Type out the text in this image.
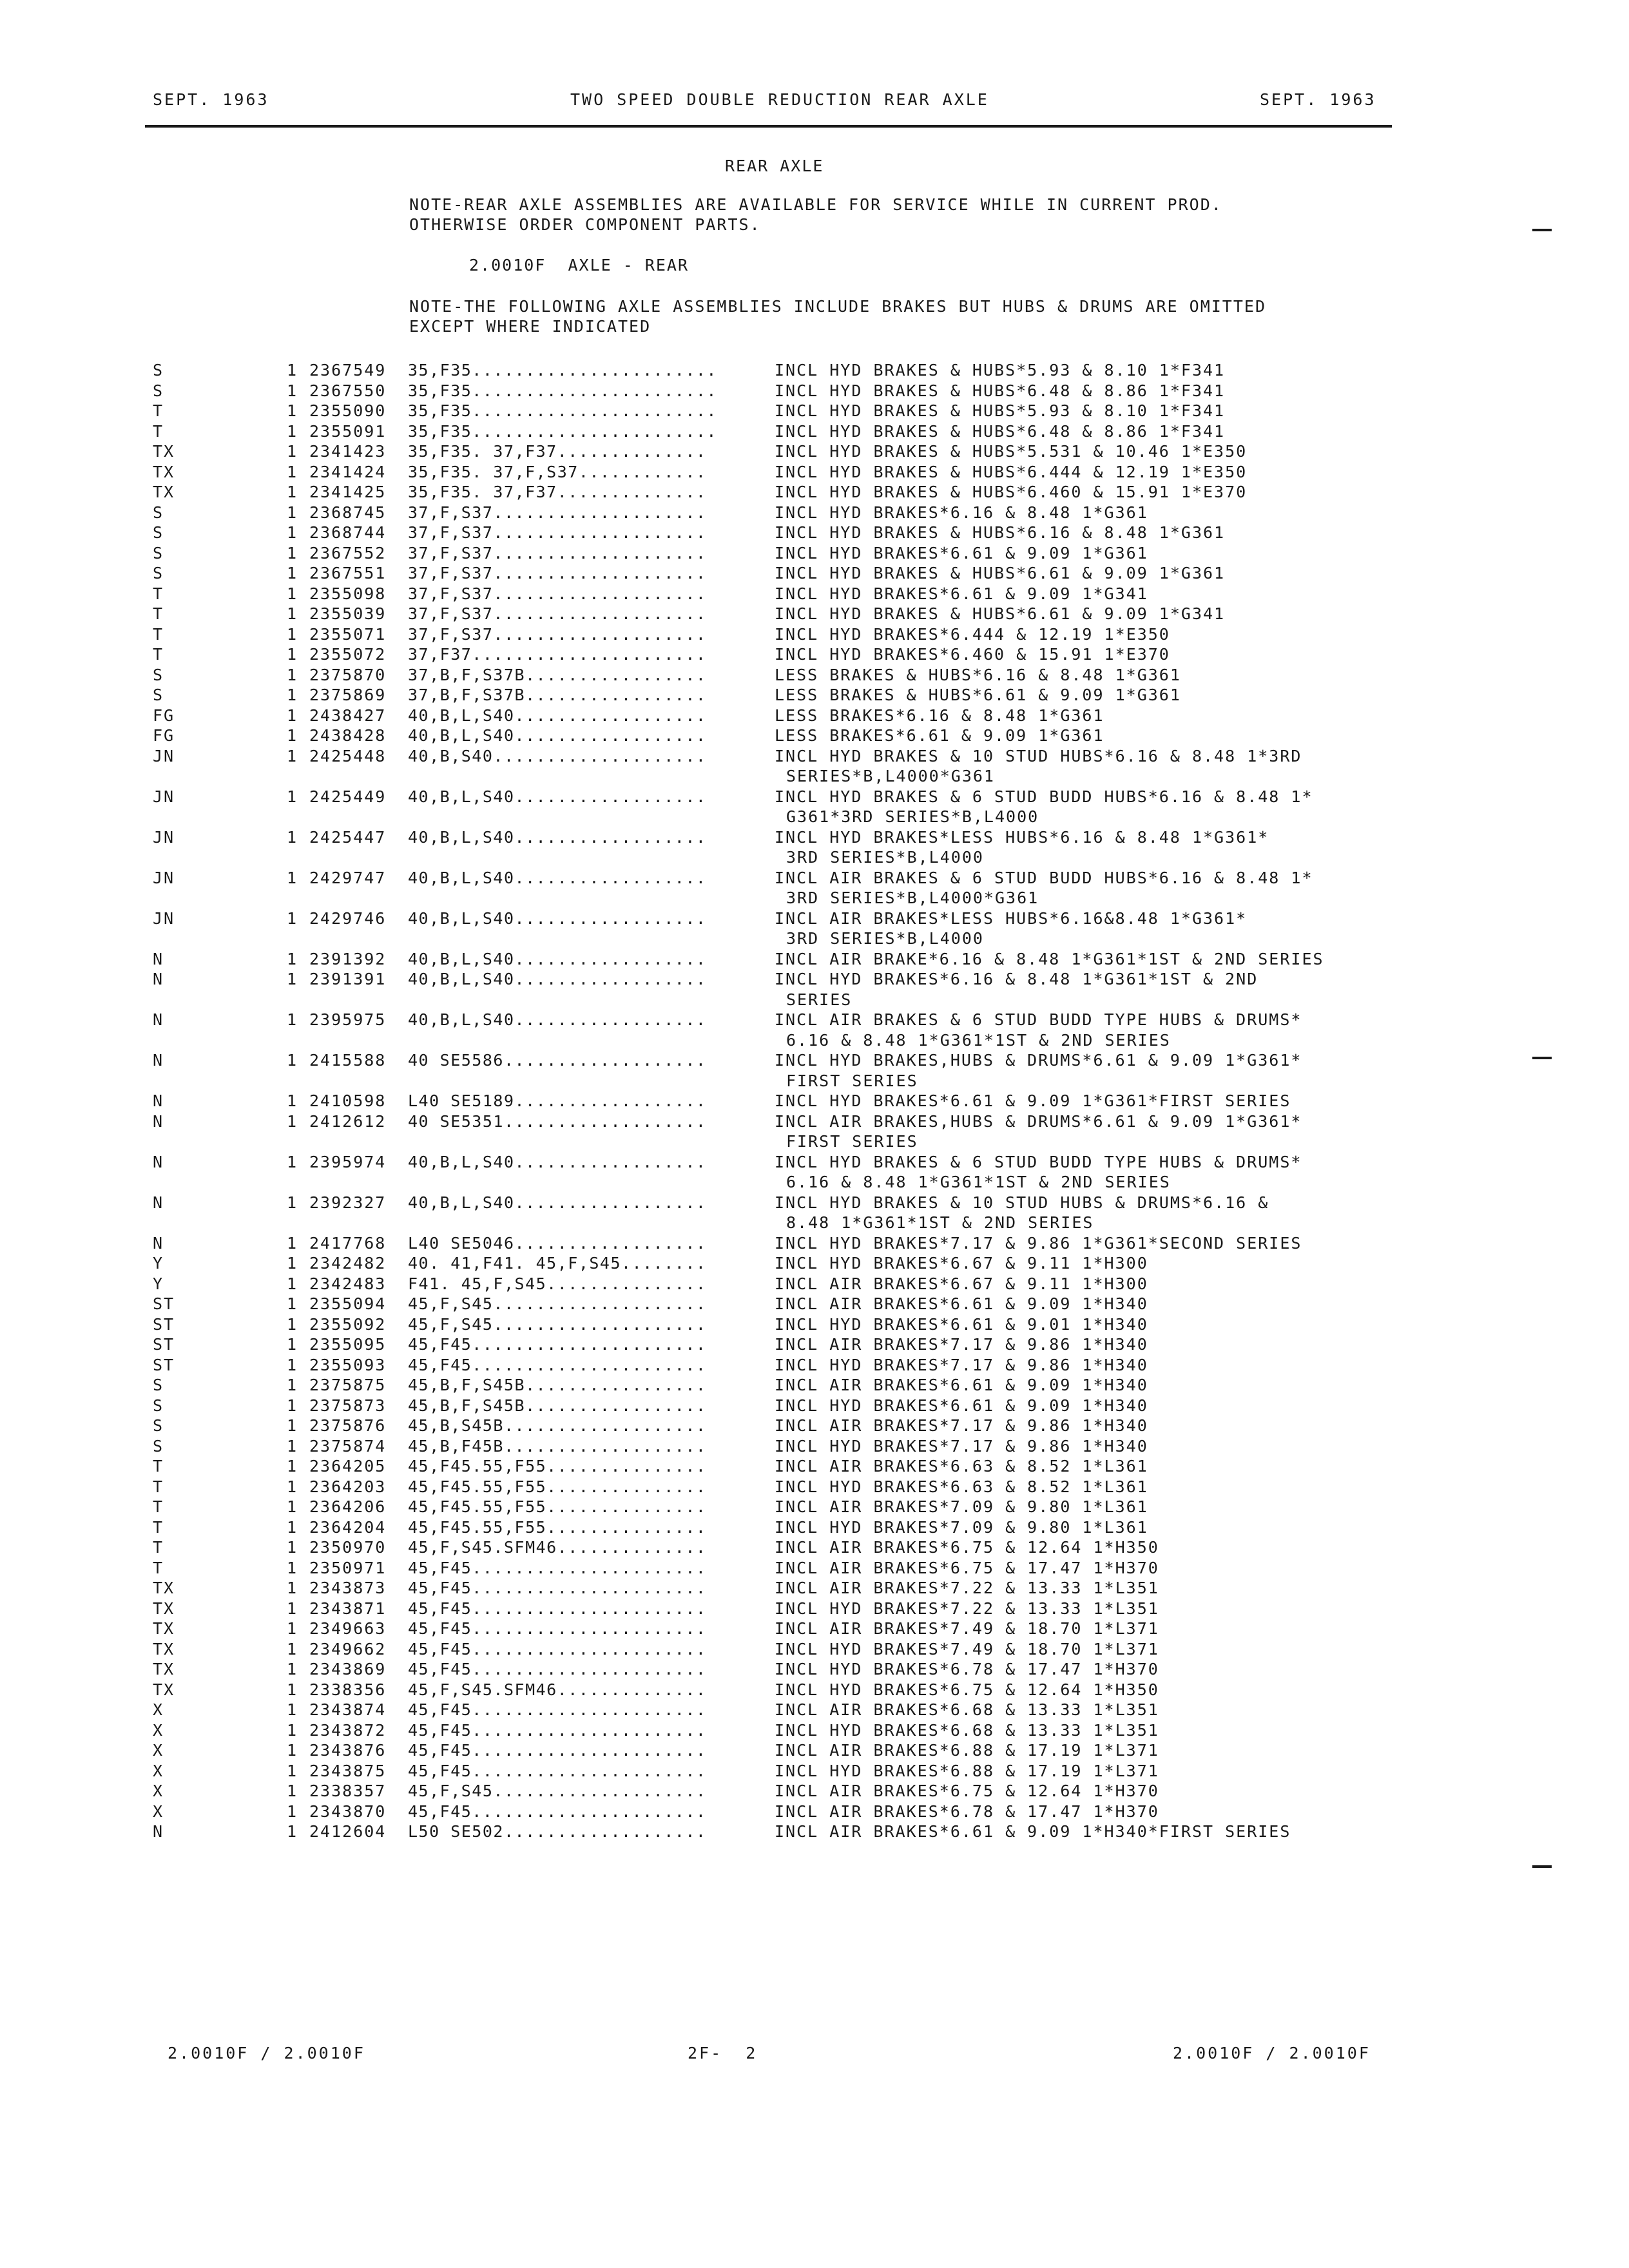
SEPT. 1963	TWO SPEED DOUBLE REDUCTION REAR AXLE	SEPT. 1963
REAR AXLE
NOTE-REAR AXLE ASSEMBLIES ARE AVAILABLE FOR SERVICE WHILE IN CURRENT PROD.
OTHERWISE ORDER COMPONENT PARTS.
2.0010F  AXLE - REAR
NOTE-THE FOLLOWING AXLE ASSEMBLIES INCLUDE BRAKES BUT HUBS & DRUMS ARE OMITTED
EXCEPT WHERE INDICATED
S	1 2367549 35,F35.......................	INCL HYD BRAKES & HUBS*5.93 & 8.10 1*F341
S	1 2367550 35,F35.......................	INCL HYD BRAKES & HUBS*6.48 & 8.86 1*F341
T	1 2355090 35,F35.......................	INCL HYD BRAKES & HUBS*5.93 & 8.10 1*F341
T	1 2355091 35,F35.......................	INCL HYD BRAKES & HUBS*6.48 & 8.86 1*F341
TX	1 2341423 35,F35. 37,F37..............	INCL HYD BRAKES & HUBS*5.531 & 10.46 1*E350
TX	1 2341424 35,F35. 37,F,S37............	INCL HYD BRAKES & HUBS*6.444 & 12.19 1*E350
TX	1 2341425 35,F35. 37,F37..............	INCL HYD BRAKES & HUBS*6.460 & 15.91 1*E370
S	1 2368745 37,F,S37....................	INCL HYD BRAKES*6.16 & 8.48 1*G361
S	1 2368744 37,F,S37....................	INCL HYD BRAKES & HUBS*6.16 & 8.48 1*G361
S	1 2367552 37,F,S37....................	INCL HYD BRAKES*6.61 & 9.09 1*G361
S	1 2367551 37,F,S37....................	INCL HYD BRAKES & HUBS*6.61 & 9.09 1*G361
T	1 2355098 37,F,S37....................	INCL HYD BRAKES*6.61 & 9.09 1*G341
T	1 2355039 37,F,S37....................	INCL HYD BRAKES & HUBS*6.61 & 9.09 1*G341
T	1 2355071 37,F,S37....................	INCL HYD BRAKES*6.444 & 12.19 1*E350
T	1 2355072 37,F37......................	INCL HYD BRAKES*6.460 & 15.91 1*E370
S	1 2375870 37,B,F,S37B.................	LESS BRAKES & HUBS*6.16 & 8.48 1*G361
S	1 2375869 37,B,F,S37B.................	LESS BRAKES & HUBS*6.61 & 9.09 1*G361
FG	1 2438427 40,B,L,S40..................	LESS BRAKES*6.16 & 8.48 1*G361
FG	1 2438428 40,B,L,S40..................	LESS BRAKES*6.61 & 9.09 1*G361
JN	1 2425448 40,B,S40....................	INCL HYD BRAKES & 10 STUD HUBS*6.16 & 8.48 1*3RD
SERIES*B,L4000*G361
JN	1 2425449 40,B,L,S40..................	INCL HYD BRAKES & 6 STUD BUDD HUBS*6.16 & 8.48 1*
G361*3RD SERIES*B,L4000
JN	1 2425447 40,B,L,S40..................	INCL HYD BRAKES*LESS HUBS*6.16 & 8.48 1*G361*
3RD SERIES*B,L4000
JN	1 2429747 40,B,L,S40..................	INCL AIR BRAKES & 6 STUD BUDD HUBS*6.16 & 8.48 1*
3RD SERIES*B,L4000*G361
JN	1 2429746 40,B,L,S40..................	INCL AIR BRAKES*LESS HUBS*6.16&8.48 1*G361*
3RD SERIES*B,L4000
N	1 2391392 40,B,L,S40..................	INCL AIR BRAKE*6.16 & 8.48 1*G361*1ST & 2ND SERIES
N	1 2391391 40,B,L,S40..................	INCL HYD BRAKES*6.16 & 8.48 1*G361*1ST & 2ND
SERIES
N	1 2395975 40,B,L,S40..................	INCL AIR BRAKES & 6 STUD BUDD TYPE HUBS & DRUMS*
6.16 & 8.48 1*G361*1ST & 2ND SERIES
N	1 2415588 40 SE5586...................	INCL HYD BRAKES,HUBS & DRUMS*6.61 & 9.09 1*G361*
FIRST SERIES
N	1 2410598 L40 SE5189..................	INCL HYD BRAKES*6.61 & 9.09 1*G361*FIRST SERIES
N	1 2412612 40 SE5351...................	INCL AIR BRAKES,HUBS & DRUMS*6.61 & 9.09 1*G361*
FIRST SERIES
N	1 2395974 40,B,L,S40..................	INCL HYD BRAKES & 6 STUD BUDD TYPE HUBS & DRUMS*
6.16 & 8.48 1*G361*1ST & 2ND SERIES
N	1 2392327 40,B,L,S40..................	INCL HYD BRAKES & 10 STUD HUBS & DRUMS*6.16 &
8.48 1*G361*1ST & 2ND SERIES
N	1 2417768 L40 SE5046..................	INCL HYD BRAKES*7.17 & 9.86 1*G361*SECOND SERIES
Y	1 2342482 40. 41,F41. 45,F,S45........	INCL HYD BRAKES*6.67 & 9.11 1*H300
Y	1 2342483 F41. 45,F,S45...............	INCL AIR BRAKES*6.67 & 9.11 1*H300
ST	1 2355094 45,F,S45....................	INCL AIR BRAKES*6.61 & 9.09 1*H340
ST	1 2355092 45,F,S45....................	INCL HYD BRAKES*6.61 & 9.01 1*H340
ST	1 2355095 45,F45......................	INCL AIR BRAKES*7.17 & 9.86 1*H340
ST	1 2355093 45,F45......................	INCL HYD BRAKES*7.17 & 9.86 1*H340
S	1 2375875 45,B,F,S45B.................	INCL AIR BRAKES*6.61 & 9.09 1*H340
S	1 2375873 45,B,F,S45B.................	INCL HYD BRAKES*6.61 & 9.09 1*H340
S	1 2375876 45,B,S45B...................	INCL AIR BRAKES*7.17 & 9.86 1*H340
S	1 2375874 45,B,F45B...................	INCL HYD BRAKES*7.17 & 9.86 1*H340
T	1 2364205 45,F45.55,F55...............	INCL AIR BRAKES*6.63 & 8.52 1*L361
T	1 2364203 45,F45.55,F55...............	INCL HYD BRAKES*6.63 & 8.52 1*L361
T	1 2364206 45,F45.55,F55...............	INCL AIR BRAKES*7.09 & 9.80 1*L361
T	1 2364204 45,F45.55,F55...............	INCL HYD BRAKES*7.09 & 9.80 1*L361
T	1 2350970 45,F,S45.SFM46..............	INCL AIR BRAKES*6.75 & 12.64 1*H350
T	1 2350971 45,F45......................	INCL AIR BRAKES*6.75 & 17.47 1*H370
TX	1 2343873 45,F45......................	INCL AIR BRAKES*7.22 & 13.33 1*L351
TX	1 2343871 45,F45......................	INCL HYD BRAKES*7.22 & 13.33 1*L351
TX	1 2349663 45,F45......................	INCL AIR BRAKES*7.49 & 18.70 1*L371
TX	1 2349662 45,F45......................	INCL HYD BRAKES*7.49 & 18.70 1*L371
TX	1 2343869 45,F45......................	INCL HYD BRAKES*6.78 & 17.47 1*H370
TX	1 2338356 45,F,S45.SFM46..............	INCL HYD BRAKES*6.75 & 12.64 1*H350
X	1 2343874 45,F45......................	INCL AIR BRAKES*6.68 & 13.33 1*L351
X	1 2343872 45,F45......................	INCL HYD BRAKES*6.68 & 13.33 1*L351
X	1 2343876 45,F45......................	INCL AIR BRAKES*6.88 & 17.19 1*L371
X	1 2343875 45,F45......................	INCL HYD BRAKES*6.88 & 17.19 1*L371
X	1 2338357 45,F,S45....................	INCL AIR BRAKES*6.75 & 12.64 1*H370
X	1 2343870 45,F45......................	INCL AIR BRAKES*6.78 & 17.47 1*H370
N	1 2412604 L50 SE502...................	INCL AIR BRAKES*6.61 & 9.09 1*H340*FIRST SERIES
2.0010F / 2.0010F	2F-  2	2.0010F / 2.0010F
